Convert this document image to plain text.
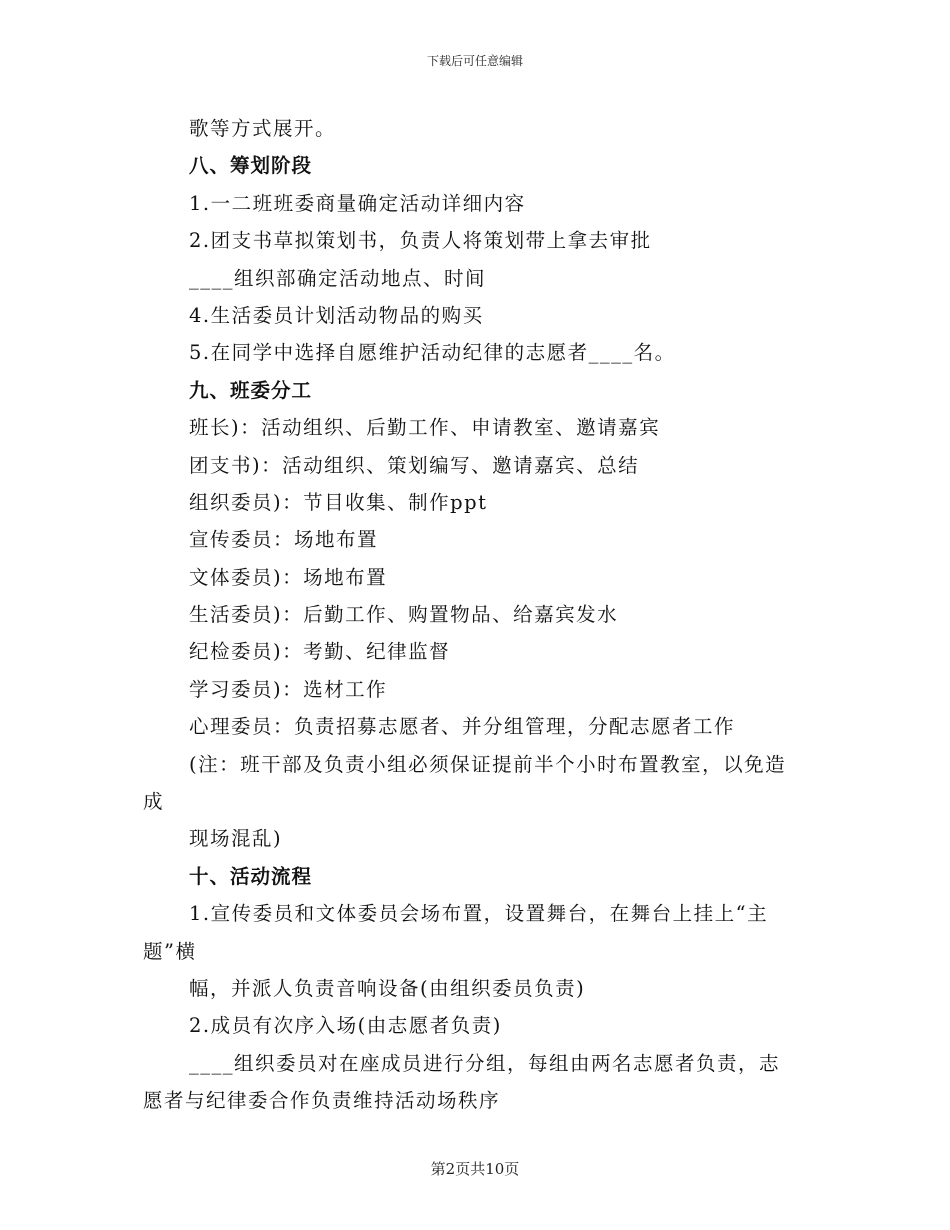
下载后可任意编辑
歌等方式展开。
八、筹划阶段
1.一二班班委商量确定活动详细内容
2.团支书草拟策划书，负责人将策划带上拿去审批
____组织部确定活动地点、时间
4.生活委员计划活动物品的购买
5.在同学中选择自愿维护活动纪律的志愿者____名。
九、班委分工
班长)：活动组织、后勤工作、申请教室、邀请嘉宾
团支书)：活动组织、策划编写、邀请嘉宾、总结
组织委员)：节目收集、制作ppt
宣传委员：场地布置
文体委员)：场地布置
生活委员)：后勤工作、购置物品、给嘉宾发水
纪检委员)：考勤、纪律监督
学习委员)：选材工作
心理委员：负责招募志愿者、并分组管理，分配志愿者工作
(注：班干部及负责小组必须保证提前半个小时布置教室，以免造
成
现场混乱)
十、活动流程
1.宣传委员和文体委员会场布置，设置舞台，在舞台上挂上“主
题”横
幅，并派人负责音响设备(由组织委员负责)
2.成员有次序入场(由志愿者负责)
____组织委员对在座成员进行分组，每组由两名志愿者负责，志
愿者与纪律委合作负责维持活动场秩序
第2页共10页
